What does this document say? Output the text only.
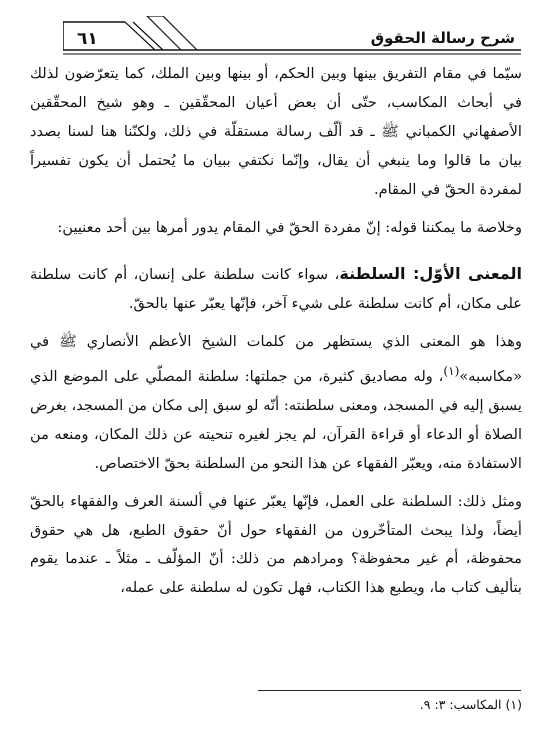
٦١	شرح رسالة الحقوق

سيّما في مقام التفريق بينها وبين الحكم، أو بينها وبين الملك، كما يتعرّضون لذلك في أبحاث المكاسب، حتّى أن بعض أعيان المحقّقين ـ وهو شيخ المحقّقين الأصفهاني الكمباني ﷺ ـ قد ألّف رسالة مستقلّة في ذلك، ولكنّنا هنا لسنا بصدد بيان ما قالوا وما ينبغي أن يقال، وإنّما نكتفي ببيان ما يُحتمل أن يكون تفسيراً لمفردة الحقّ في المقام.

وخلاصة ما يمكننا قوله: إنّ مفردة الحقّ في المقام يدور أمرها بين أحد معنيين:

المعنى الأوّل: السلطنة، سواء كانت سلطنة على إنسان، أم كانت سلطنة على مكان، أم كانت سلطنة على شيء آخر، فإنّها يعبّر عنها بالحقّ.

وهذا هو المعنى الذي يستظهر من كلمات الشيخ الأعظم الأنصاري ﷺ في «مكاسبه»$^{(١)}$، وله مصاديق كثيرة، من جملتها: سلطنة المصلّي على الموضع الذي يسبق إليه في المسجد، ومعنى سلطنته: أنّه لو سبق إلى مكان من المسجد، بغرض الصلاة أو الدعاء أو قراءة القرآن، لم يجز لغيره تنحيته عن ذلك المكان، ومنعه من الاستفادة منه، ويعبّر الفقهاء عن هذا النحو من السلطنة بحقّ الاختصاص.

ومثل ذلك: السلطنة على العمل، فإنّها يعبّر عنها في ألسنة العرف والفقهاء بالحقّ أيضاً، ولذا يبحث المتأخّرون من الفقهاء حول أنّ حقوق الطبع، هل هي حقوق محفوظة، أم غير محفوظة؟ ومرادهم من ذلك: أنّ المؤلّف ـ مثلاً ـ عندما يقوم بتأليف كتاب ما، ويطبع هذا الكتاب، فهل تكون له سلطنة على عمله،

(١) المكاسب: ٣: ٩.
